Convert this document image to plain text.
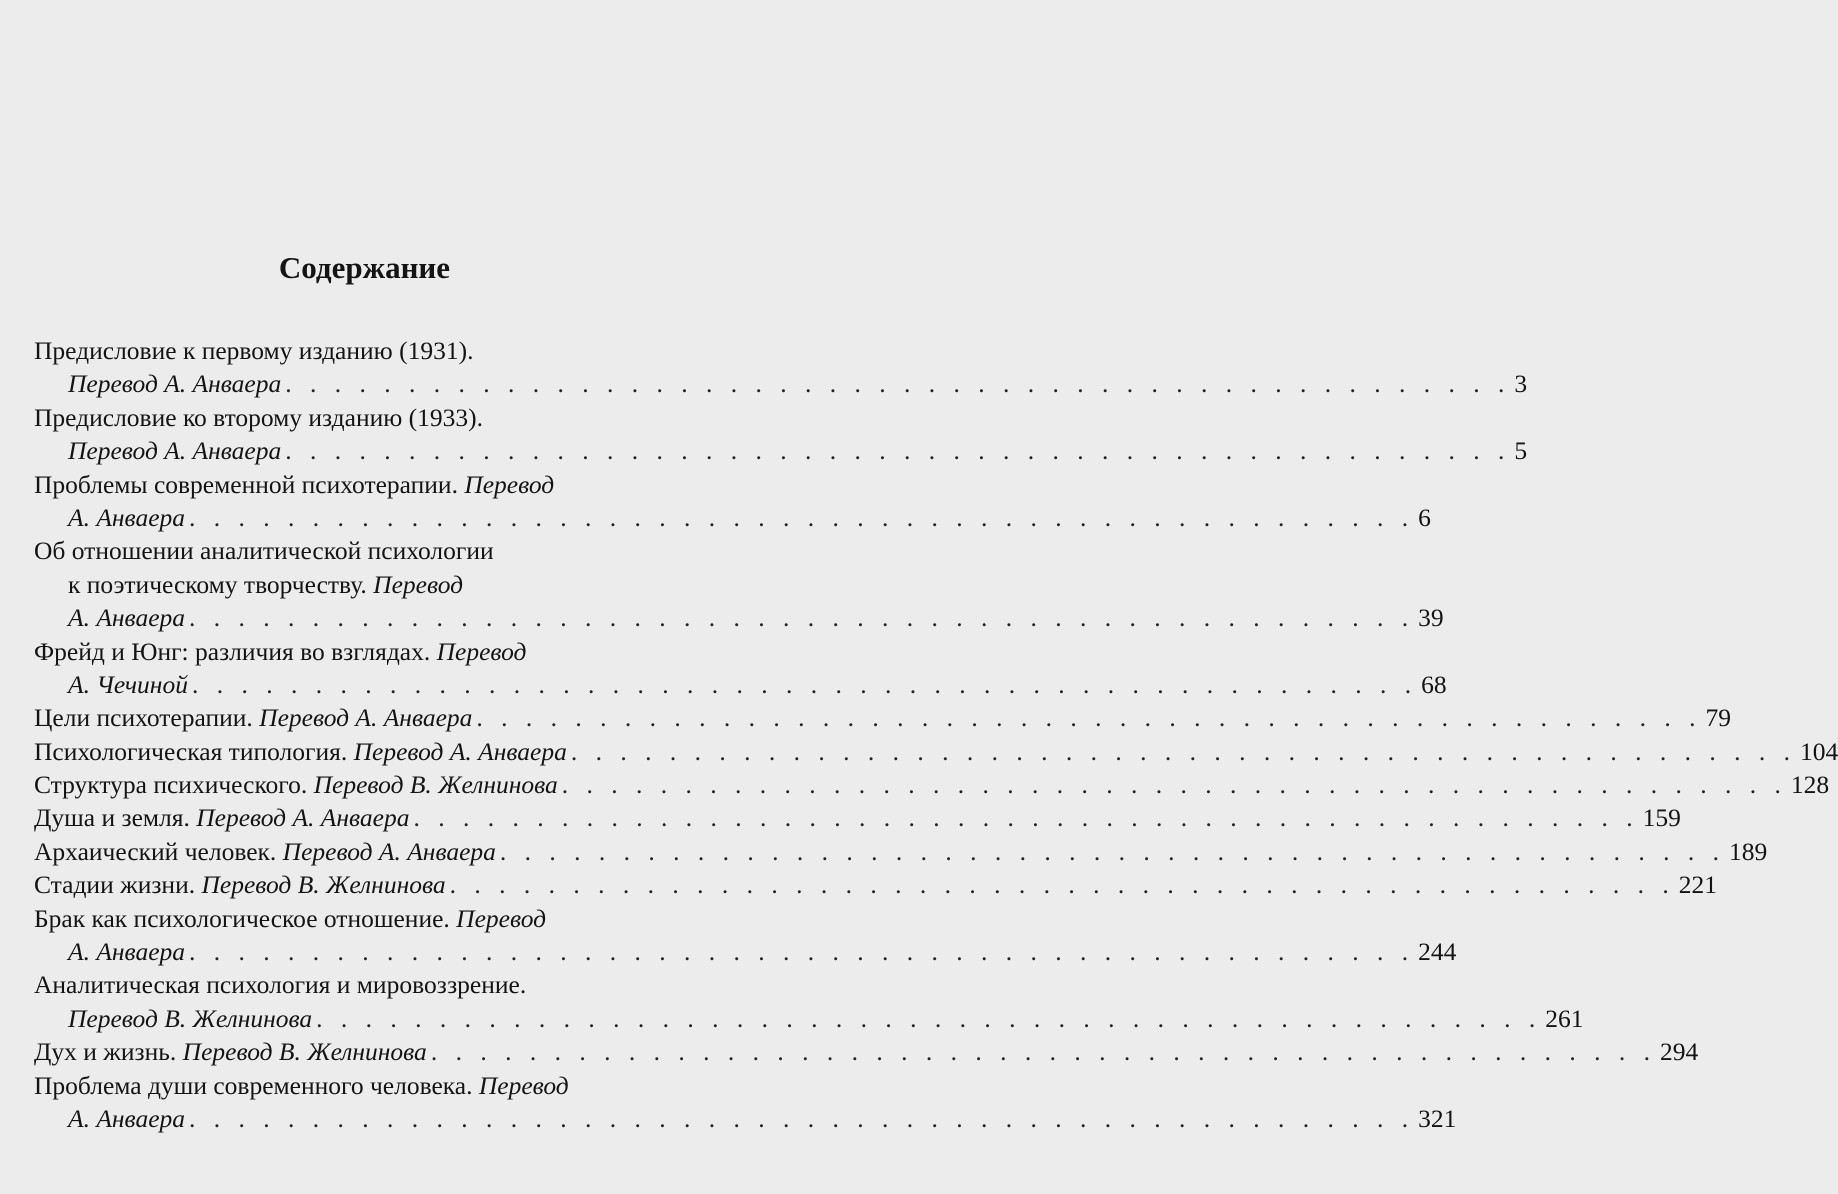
Содержание
Предисловие к первому изданию (1931).
Перевод А. Анваера . . . . . . . . . . . . . . . . . . . . . . . . . . . . . . . . . . . . . . . . . . . . . . . . . . 3
Предисловие ко второму изданию (1933).
Перевод А. Анваера . . . . . . . . . . . . . . . . . . . . . . . . . . . . . . . . . . . . . . . . . . . . . . . . . . 5
Проблемы современной психотерапии. Перевод
А. Анваера . . . . . . . . . . . . . . . . . . . . . . . . . . . . . . . . . . . . . . . . . . . . . . . . . . 6
Об отношении аналитической психологии
к поэтическому творчеству. Перевод
А. Анваера . . . . . . . . . . . . . . . . . . . . . . . . . . . . . . . . . . . . . . . . . . . . . . . . . . 39
Фрейд и Юнг: различия во взглядах. Перевод
А. Чечиной . . . . . . . . . . . . . . . . . . . . . . . . . . . . . . . . . . . . . . . . . . . . . . . . . . 68
Цели психотерапии. Перевод А. Анваера . . . . . . . . . . . . . . . . . . . . . . . . . . . . . . . . . . . . . . . . . . . . . . . . . . 79
Психологическая типология. Перевод А. Анваера . . . . . . . . . . . . . . . . . . . . . . . . . . . . . . . . . . . . . . . . . . . . . . . . . . 104
Структура психического. Перевод В. Желнинова . . . . . . . . . . . . . . . . . . . . . . . . . . . . . . . . . . . . . . . . . . . . . . . . . . 128
Душа и земля. Перевод А. Анваера . . . . . . . . . . . . . . . . . . . . . . . . . . . . . . . . . . . . . . . . . . . . . . . . . . 159
Архаический человек. Перевод А. Анваера . . . . . . . . . . . . . . . . . . . . . . . . . . . . . . . . . . . . . . . . . . . . . . . . . . 189
Стадии жизни. Перевод В. Желнинова . . . . . . . . . . . . . . . . . . . . . . . . . . . . . . . . . . . . . . . . . . . . . . . . . . 221
Брак как психологическое отношение. Перевод
А. Анваера . . . . . . . . . . . . . . . . . . . . . . . . . . . . . . . . . . . . . . . . . . . . . . . . . . 244
Аналитическая психология и мировоззрение.
Перевод В. Желнинова . . . . . . . . . . . . . . . . . . . . . . . . . . . . . . . . . . . . . . . . . . . . . . . . . . 261
Дух и жизнь. Перевод В. Желнинова . . . . . . . . . . . . . . . . . . . . . . . . . . . . . . . . . . . . . . . . . . . . . . . . . . 294
Проблема души современного человека. Перевод
А. Анваера . . . . . . . . . . . . . . . . . . . . . . . . . . . . . . . . . . . . . . . . . . . . . . . . . . 321
